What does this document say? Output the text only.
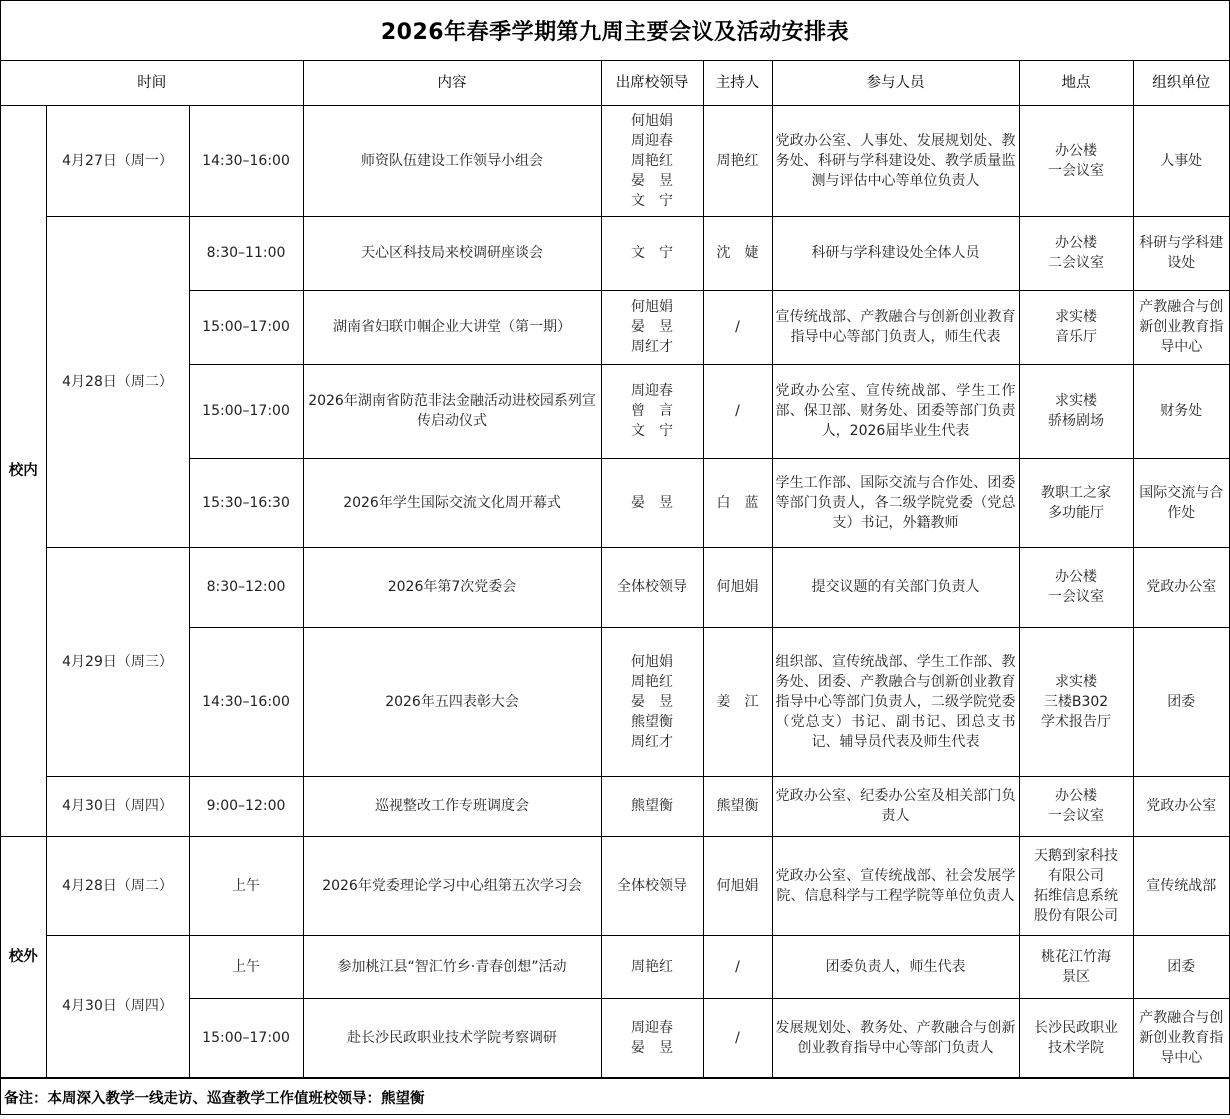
2026年春季学期第九周主要会议及活动安排表
时间			内容	出席校领导	主持人	参与人员	地点	组织单位
校内	4月27日（周一）	14:30–16:00	师资队伍建设工作领导小组会	何旭娟
周迎春
周艳红
晏　昱
文　宁	周艳红	党政办公室、人事处、发展规划处、教务处、科研与学科建设处、教学质量监测与评估中心等单位负责人	办公楼
一会议室	人事处
	4月28日（周二）	8:30–11:00	天心区科技局来校调研座谈会	文　宁	沈　婕	科研与学科建设处全体人员	办公楼
二会议室	科研与学科建设处
		15:00–17:00	湖南省妇联巾帼企业大讲堂（第一期）	何旭娟
晏　昱
周红才	/	宣传统战部、产教融合与创新创业教育指导中心等部门负责人，师生代表	求实楼
音乐厅	产教融合与创新创业教育指导中心
		15:00–17:00	2026年湖南省防范非法金融活动进校园系列宣传启动仪式	周迎春
曾　言
文　宁	/	党政办公室、宣传统战部、学生工作部、保卫部、财务处、团委等部门负责人，2026届毕业生代表	求实楼
骄杨剧场	财务处
		15:30–16:30	2026年学生国际交流文化周开幕式	晏　昱	白　蓝	学生工作部、国际交流与合作处、团委等部门负责人，各二级学院党委（党总支）书记，外籍教师	教职工之家
多功能厅	国际交流与合作处
	4月29日（周三）	8:30–12:00	2026年第7次党委会	全体校领导	何旭娟	提交议题的有关部门负责人	办公楼
一会议室	党政办公室
		14:30–16:00	2026年五四表彰大会	何旭娟
周艳红
晏　昱
熊望衡
周红才	姜　江	组织部、宣传统战部、学生工作部、教务处、团委、产教融合与创新创业教育指导中心等部门负责人，二级学院党委（党总支）书记、副书记、团总支书记、辅导员代表及师生代表	求实楼
三楼B302
学术报告厅	团委
	4月30日（周四）	9:00–12:00	巡视整改工作专班调度会	熊望衡	熊望衡	党政办公室、纪委办公室及相关部门负责人	办公楼
一会议室	党政办公室
校外	4月28日（周二）	上午	2026年党委理论学习中心组第五次学习会	全体校领导	何旭娟	党政办公室、宣传统战部、社会发展学院、信息科学与工程学院等单位负责人	天鹅到家科技
有限公司
拓维信息系统
股份有限公司	宣传统战部
	4月30日（周四）	上午	参加桃江县“智汇竹乡·青春创想”活动	周艳红	/	团委负责人，师生代表	桃花江竹海
景区	团委
		15:00–17:00	赴长沙民政职业技术学院考察调研	周迎春
晏　昱	/	发展规划处、教务处、产教融合与创新创业教育指导中心等部门负责人	长沙民政职业
技术学院	产教融合与创新创业教育指导中心
备注：本周深入教学一线走访、巡查教学工作值班校领导：熊望衡
